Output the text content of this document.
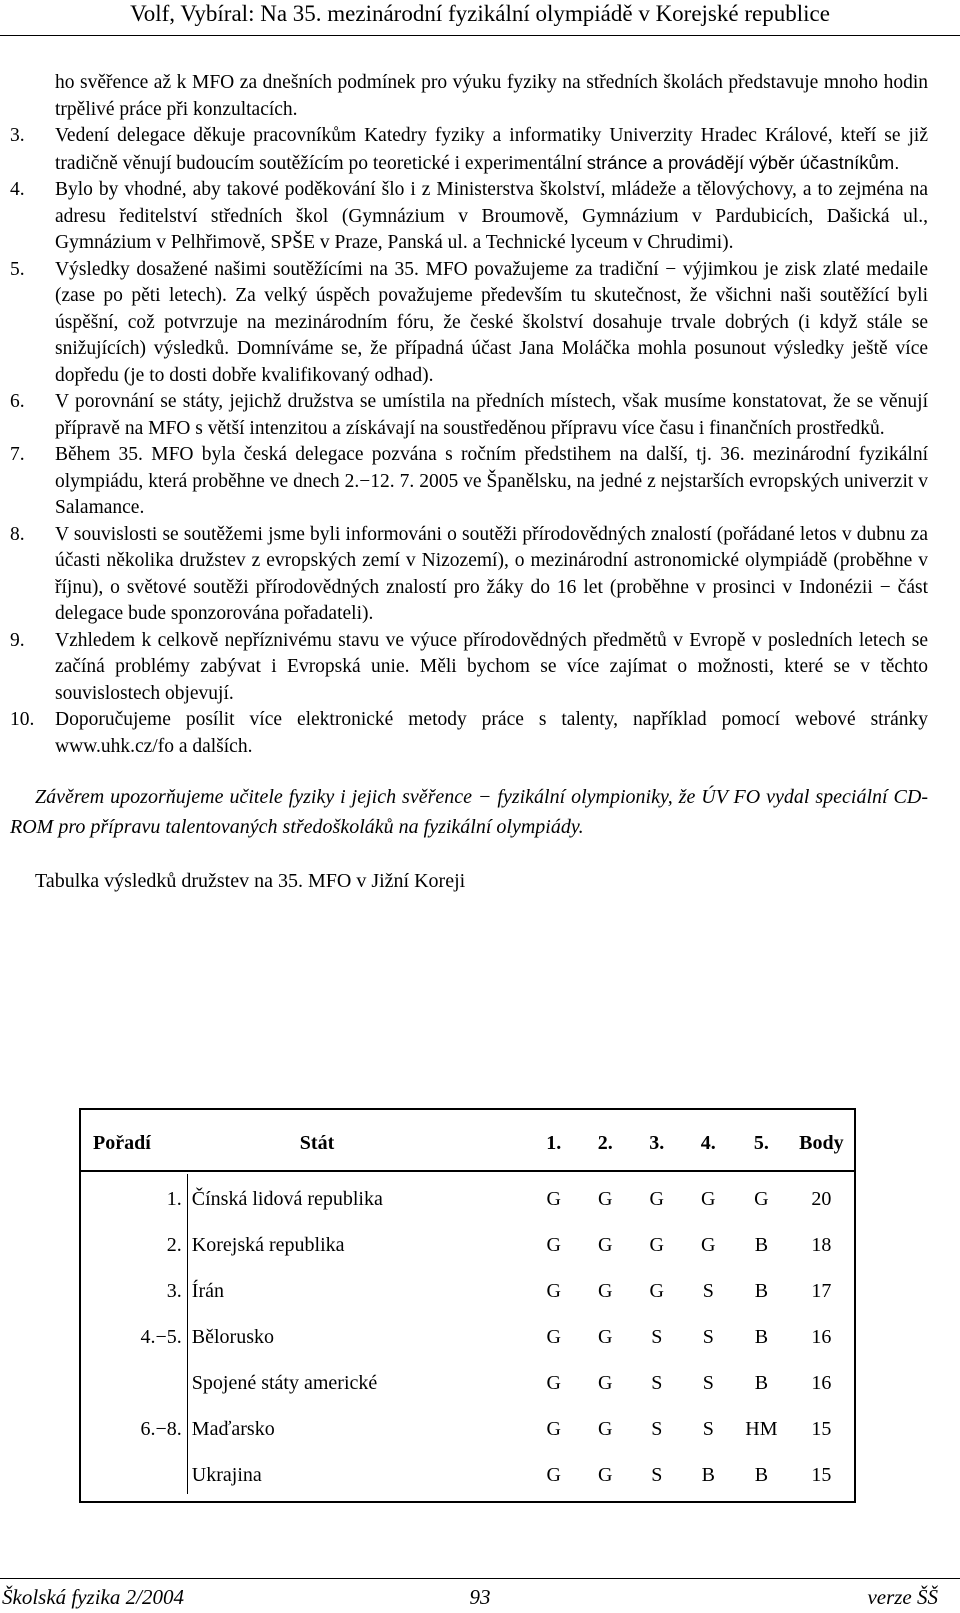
Volf, Vybíral: Na 35. mezinárodní fyzikální olympiádě v Korejské republice
ho svěřence až k MFO za dnešních podmínek pro výuku fyziky na středních školách představuje mnoho hodin trpělivé práce při konzultacích.
3. Vedení delegace děkuje pracovníkům Katedry fyziky a informatiky Univerzity Hradec Králové, kteří se již tradičně věnují budoucím soutěžícím po teoretické i experimentální stránce a provádějí výběr účastníkům.
4. Bylo by vhodné, aby takové poděkování šlo i z Ministerstva školství, mládeže a tělovýchovy, a to zejména na adresu ředitelství středních škol (Gymnázium v Broumově, Gymnázium v Pardubicích, Dašická ul., Gymnázium v Pelhřimově, SPŠE v Praze, Panská ul. a Technické lyceum v Chrudimi).
5. Výsledky dosažené našimi soutěžícími na 35. MFO považujeme za tradiční − výjimkou je zisk zlaté medaile (zase po pěti letech). Za velký úspěch považujeme především tu skutečnost, že všichni naši soutěžící byli úspěšní, což potvrzuje na mezinárodním fóru, že české školství dosahuje trvale dobrých (i když stále se snižujících) výsledků. Domníváme se, že případná účast Jana Moláčka mohla posunout výsledky ještě více dopředu (je to dosti dobře kvalifikovaný odhad).
6. V porovnání se státy, jejichž družstva se umístila na předních místech, však musíme konstatovat, že se věnují přípravě na MFO s větší intenzitou a získávají na soustředěnou přípravu více času i finančních prostředků.
7. Během 35. MFO byla česká delegace pozvána s ročním předstihem na další, tj. 36. mezinárodní fyzikální olympiádu, která proběhne ve dnech 2.−12. 7. 2005 ve Španělsku, na jedné z nejstarších evropských univerzit v Salamance.
8. V souvislosti se soutěžemi jsme byli informováni o soutěži přírodovědných znalostí (pořádané letos v dubnu za účasti několika družstev z evropských zemí v Nizozemí), o mezinárodní astronomické olympiádě (proběhne v říjnu), o světové soutěži přírodovědných znalostí pro žáky do 16 let (proběhne v prosinci v Indonézii − část delegace bude sponzorována pořadateli).
9. Vzhledem k celkově nepříznivému stavu ve výuce přírodovědných předmětů v Evropě v posledních letech se začíná problémy zabývat i Evropská unie. Měli bychom se více zajímat o možnosti, které se v těchto souvislostech objevují.
10. Doporučujeme posílit více elektronické metody práce s talenty, například pomocí webové stránky www.uhk.cz/fo a dalších.
Závěrem upozorňujeme učitele fyziky i jejich svěřence − fyzikální olympioniky, že ÚV FO vydal speciální CD-ROM pro přípravu talentovaných středoškoláků na fyzikální olympiády.
Tabulka výsledků družstev na 35. MFO v Jižní Koreji
Pořadí	Stát	1.	2.	3.	4.	5.	Body

1.	Čínská lidová republika	G	G	G	G	G	20
2.	Korejská republika	G	G	G	G	B	18
3.	Írán	G	G	G	S	B	17
4.−5.	Bělorusko	G	G	S	S	B	16
	Spojené státy americké	G	G	S	S	B	16
6.−8.	Maďarsko	G	G	S	S	HM	15
	Ukrajina	G	G	S	B	B	15
Školská fyzika 2/2004	93	verze ŠŠ
